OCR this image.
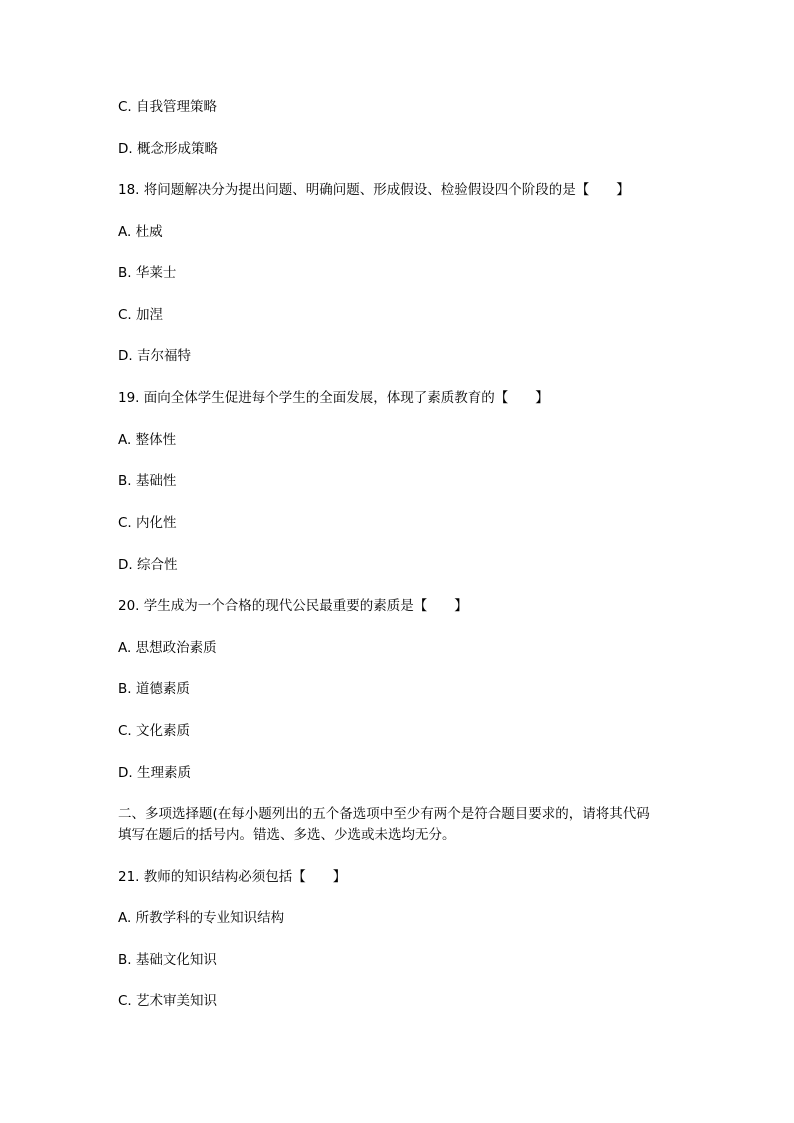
C. 自我管理策略

D. 概念形成策略

18. 将问题解决分为提出问题、明确问题、形成假设、检验假设四个阶段的是【　　】

A. 杜威

B. 华莱士

C. 加涅

D. 吉尔福特

19. 面向全体学生促进每个学生的全面发展，体现了素质教育的【　　】

A. 整体性

B. 基础性

C. 内化性

D. 综合性

20. 学生成为一个合格的现代公民最重要的素质是【　　】

A. 思想政治素质

B. 道德素质

C. 文化素质

D. 生理素质

二、多项选择题(在每小题列出的五个备选项中至少有两个是符合题目要求的，请将其代码

填写在题后的括号内。错选、多选、少选或未选均无分。

21. 教师的知识结构必须包括【　　】

A. 所教学科的专业知识结构

B. 基础文化知识

C. 艺术审美知识
